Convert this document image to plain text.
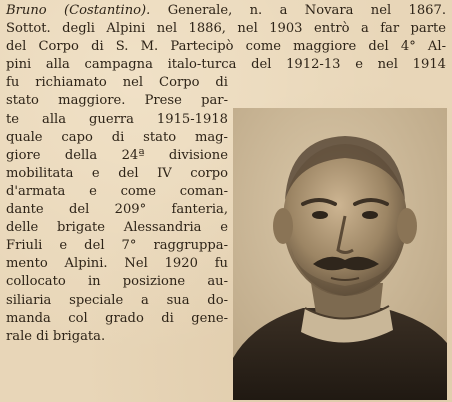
Bruno (Costantino). Generale, n. a Novara nel 1867.
Sottot. degli Alpini nel 1886, nel 1903 entrò a far parte
del Corpo di S. M. Partecipò come maggiore del 4° Al-
pini alla campagna italo-turca del 1912-13 e nel 1914
fu richiamato nel Corpo di
stato maggiore. Prese par-
te alla guerra 1915-1918
quale capo di stato mag-
giore della 24ª divisione
mobilitata e del IV corpo
d'armata e come coman-
dante del 209° fanteria,
delle brigate Alessandria e
Friuli e del 7° raggruppa-
mento Alpini. Nel 1920 fu
collocato in posizione au-
siliaria speciale a sua do-
manda col grado di gene-
rale di brigata.
